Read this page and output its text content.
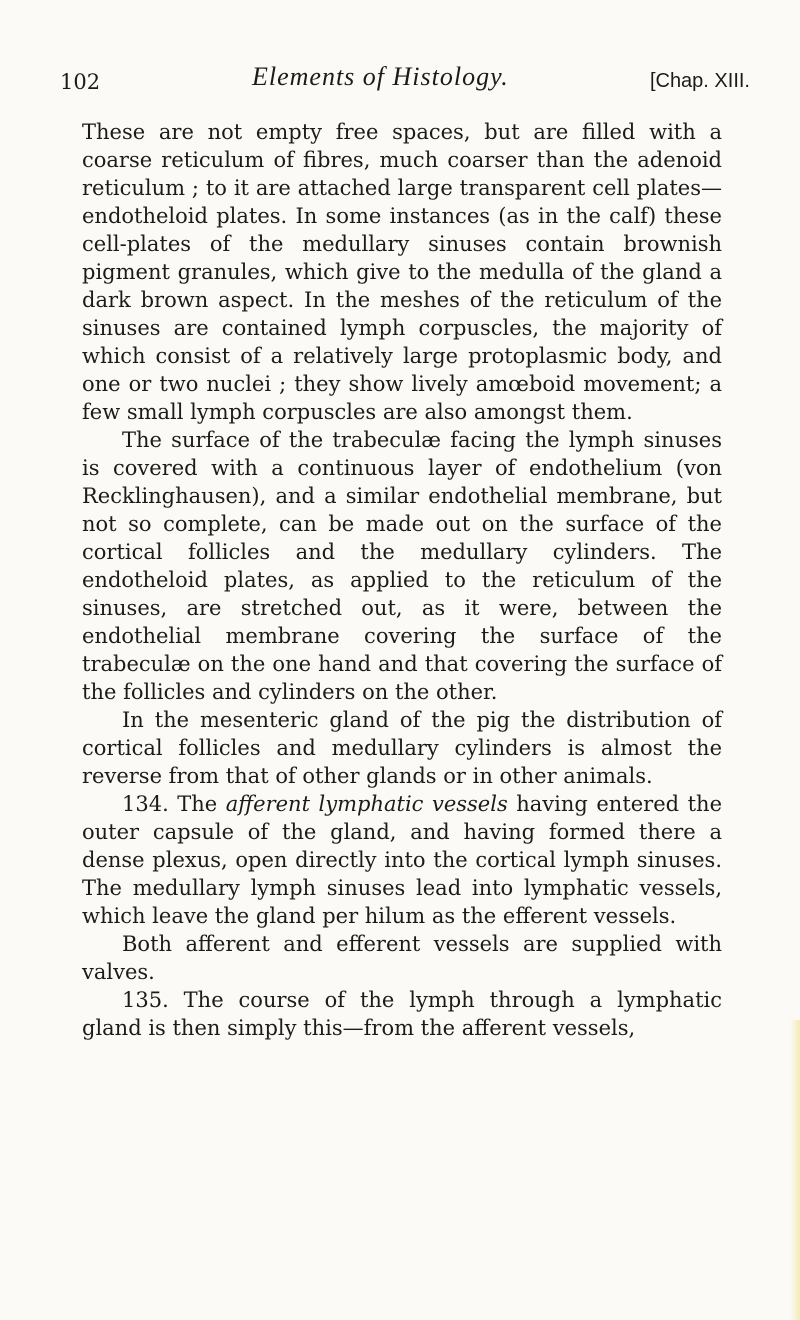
102	Elements of Histology.	[Chap. XIII.

These are not empty free spaces, but are filled with a coarse reticulum of fibres, much coarser than the adenoid reticulum ; to it are attached large transparent cell plates—endotheloid plates. In some instances (as in the calf) these cell-plates of the medullary sinuses contain brownish pigment granules, which give to the medulla of the gland a dark brown aspect. In the meshes of the reticulum of the sinuses are contained lymph corpuscles, the majority of which consist of a relatively large protoplasmic body, and one or two nuclei ; they show lively amœboid movement; a few small lymph corpuscles are also amongst them.

The surface of the trabeculæ facing the lymph sinuses is covered with a continuous layer of endothelium (von Recklinghausen), and a similar endothelial membrane, but not so complete, can be made out on the surface of the cortical follicles and the medullary cylinders. The endotheloid plates, as applied to the reticulum of the sinuses, are stretched out, as it were, between the endothelial membrane covering the surface of the trabeculæ on the one hand and that covering the surface of the follicles and cylinders on the other.

In the mesenteric gland of the pig the distribution of cortical follicles and medullary cylinders is almost the reverse from that of other glands or in other animals.

134. The afferent lymphatic vessels having entered the outer capsule of the gland, and having formed there a dense plexus, open directly into the cortical lymph sinuses. The medullary lymph sinuses lead into lymphatic vessels, which leave the gland per hilum as the efferent vessels.

Both afferent and efferent vessels are supplied with valves.

135. The course of the lymph through a lymphatic gland is then simply this—from the afferent vessels,
